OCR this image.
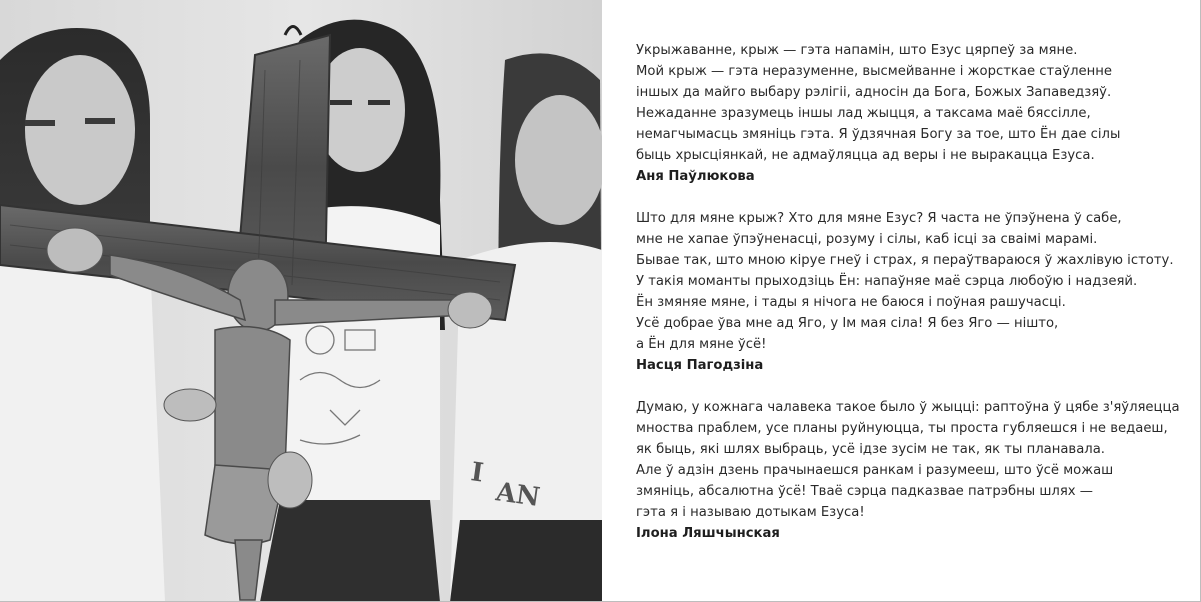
I
AN
Укрыжаванне, крыж — гэта напамін, што Езус цярпеў за мяне.
Мой крыж — гэта неразуменне, высмейванне і жорсткае стаўленне
іншых да майго выбару рэлігіі, адносін да Бога, Божых Запаведзяў.
Нежаданне зразумець іншы лад жыцця, а таксама маё бяссілле,
немагчымасць змяніць гэта. Я ўдзячная Богу за тое, што Ён дае сілы
быць хрысціянкай, не адмаўляцца ад веры і не выракацца Езуса.
Аня Паўлюкова
Што для мяне крыж? Хто для мяне Езус? Я часта не ўпэўнена ў сабе,
мне не хапае ўпэўненасці, розуму і сілы, каб ісці за сваімі марамі.
Бывае так, што мною кіруе гнеў і страх, я пераўтвараюся ў жахлівую істоту.
У такія моманты прыходзіць Ён: напаўняе маё сэрца любоўю і надзеяй.
Ён змяняе мяне, і тады я нічога не баюся і поўная рашучасці.
Усё добрае ўва мне ад Яго, у Ім мая сіла! Я без Яго — нішто,
а Ён для мяне ўсё!
Насця Пагодзіна
Думаю, у кожнага чалавека такое было ў жыцці: раптоўна ў цябе з'яўляецца
мноства праблем, усе планы руйнуюцца, ты проста губляешся і не ведаеш,
як быць, які шлях выбраць, усё ідзе зусім не так, як ты планавала.
Але ў адзін дзень прачынаешся ранкам і разумееш, што ўсё можаш
змяніць, абсалютна ўсё! Тваё сэрца падказвае патрэбны шлях —
гэта я і называю дотыкам Езуса!
Ілона Ляшчынская
